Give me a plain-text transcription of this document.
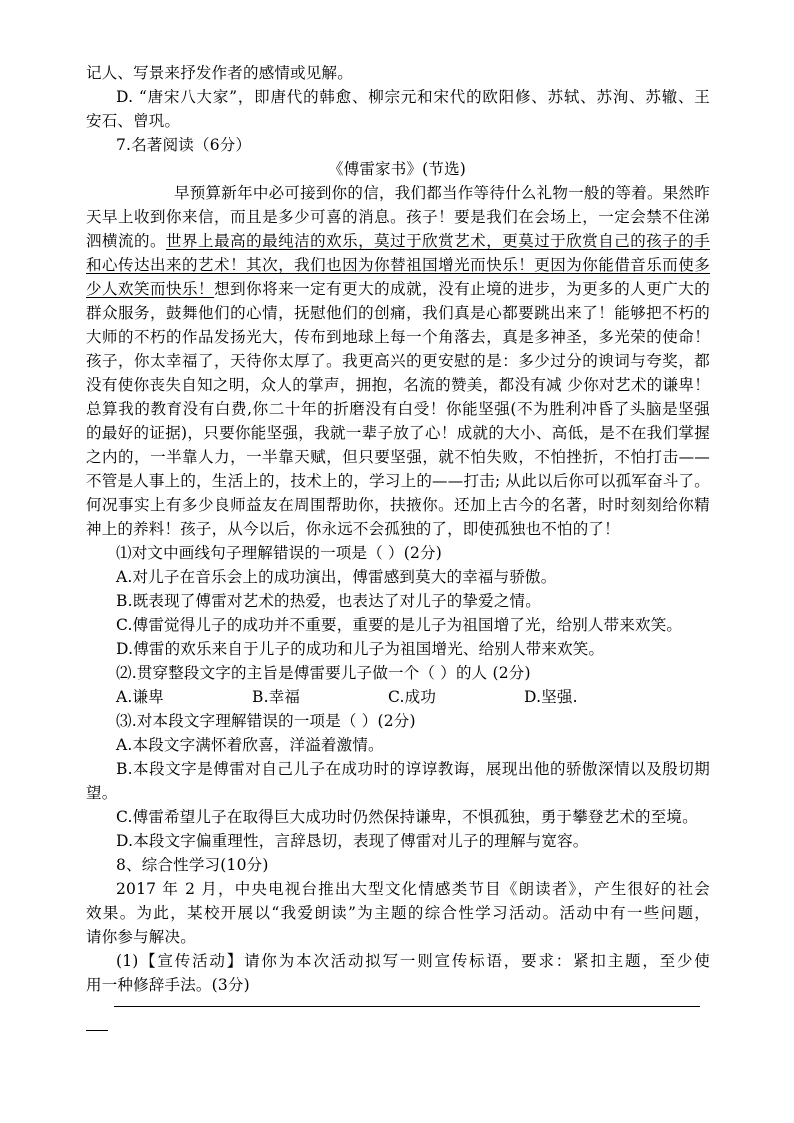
记人、写景来抒发作者的感情或见解。
D. “唐宋八大家”，即唐代的韩愈、柳宗元和宋代的欧阳修、苏轼、苏洵、苏辙、王
安石、曾巩。
7.名著阅读（6分）
《傅雷家书》(节选)
早预算新年中必可接到你的信，我们都当作等待什么礼物一般的等着。果然昨
天早上收到你来信，而且是多少可喜的消息。孩子！要是我们在会场上，一定会禁不住涕
泗横流的。世界上最高的最纯洁的欢乐，莫过于欣赏艺术，更莫过于欣赏自己的孩子的手
和心传达出来的艺术！其次，我们也因为你替祖国增光而快乐！更因为你能借音乐而使多
少人欢笑而快乐！想到你将来一定有更大的成就，没有止境的进步，为更多的人更广大的
群众服务，鼓舞他们的心情，抚慰他们的创痛，我们真是心都要跳出来了！能够把不朽的
大师的不朽的作品发扬光大，传布到地球上每一个角落去，真是多神圣，多光荣的使命！
孩子，你太幸福了，天待你太厚了。我更高兴的更安慰的是：多少过分的谀词与夸奖，都
没有使你丧失自知之明，众人的掌声，拥抱，名流的赞美，都没有减 少你对艺术的谦卑！
总算我的教育没有白费,你二十年的折磨没有白受！你能坚强(不为胜利冲昏了头脑是坚强
的最好的证据)，只要你能坚强，我就一辈子放了心！成就的大小、高低，是不在我们掌握
之内的，一半靠人力，一半靠天赋，但只要坚强，就不怕失败，不怕挫折，不怕打击——
不管是人事上的，生活上的，技术上的，学习上的——打击; 从此以后你可以孤军奋斗了。
何况事实上有多少良师益友在周围帮助你，扶掖你。还加上古今的名著，时时刻刻给你精
神上的养料！孩子，从今以后，你永远不会孤独的了，即使孤独也不怕的了！
⑴对文中画线句子理解错误的一项是（ ）(2分)
A.对儿子在音乐会上的成功演出，傅雷感到莫大的幸福与骄傲。
B.既表现了傅雷对艺术的热爱，也表达了对儿子的挚爱之情。
C.傅雷觉得儿子的成功并不重要，重要的是儿子为祖国增了光，给别人带来欢笑。
D.傅雷的欢乐来自于儿子的成功和儿子为祖国增光、给别人带来欢笑。
⑵.贯穿整段文字的主旨是傅雷要儿子做一个（ ）的人 (2分)
A.谦卑	B.幸福	C.成功	D.坚强.
⑶.对本段文字理解错误的一项是（ ）(2分)
A.本段文字满怀着欣喜，洋溢着激情。
B.本段文字是傅雷对自己儿子在成功时的谆谆教诲，展现出他的骄傲深情以及殷切期
望。
C.傅雷希望儿子在取得巨大成功时仍然保持谦卑，不惧孤独，勇于攀登艺术的至境。
D.本段文字偏重理性，言辞恳切，表现了傅雷对儿子的理解与宽容。
8、综合性学习(10分)
2017 年 2 月，中央电视台推出大型文化情感类节目《朗读者》，产生很好的社会
效果。为此，某校开展以“我爱朗读”为主题的综合性学习活动。活动中有一些问题，
请你参与解决。
(1)【宣传活动】请你为本次活动拟写一则宣传标语，要求：紧扣主题，至少使
用一种修辞手法。(3分)
